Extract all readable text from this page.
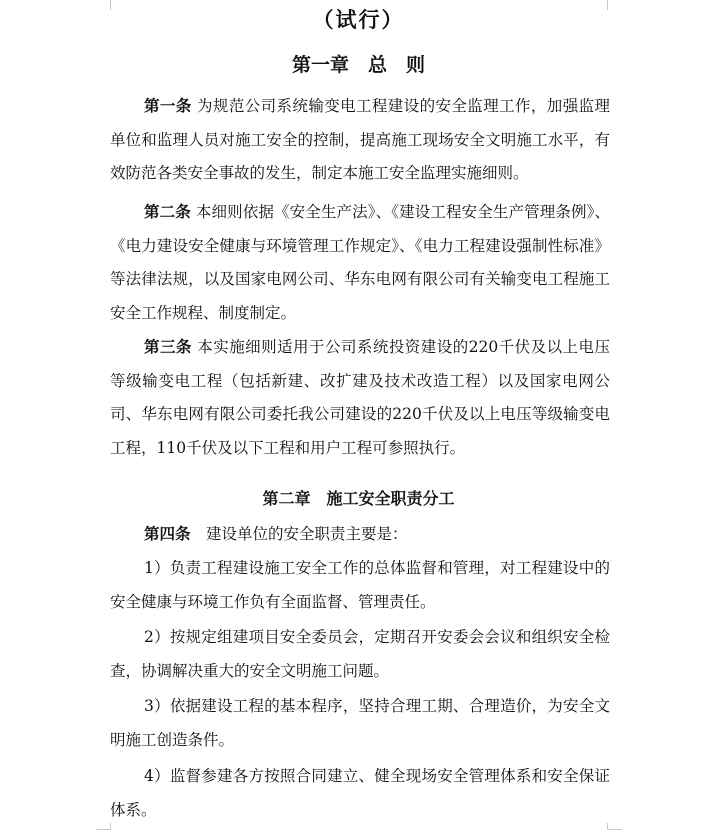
（试行）
第一章　总　则

第一条 为规范公司系统输变电工程建设的安全监理工作，加强监理单位和监理人员对施工安全的控制，提高施工现场安全文明施工水平，有效防范各类安全事故的发生，制定本施工安全监理实施细则。

第二条 本细则依据《安全生产法》、《建设工程安全生产管理条例》、《电力建设安全健康与环境管理工作规定》、《电力工程建设强制性标准》等法律法规，以及国家电网公司、华东电网有限公司有关输变电工程施工安全工作规程、制度制定。

第三条 本实施细则适用于公司系统投资建设的220千伏及以上电压等级输变电工程（包括新建、改扩建及技术改造工程）以及国家电网公司、华东电网有限公司委托我公司建设的220千伏及以上电压等级输变电工程，110千伏及以下工程和用户工程可参照执行。

第二章　施工安全职责分工

第四条　建设单位的安全职责主要是：

1）负责工程建设施工安全工作的总体监督和管理，对工程建设中的安全健康与环境工作负有全面监督、管理责任。

2）按规定组建项目安全委员会，定期召开安委会会议和组织安全检查，协调解决重大的安全文明施工问题。

3）依据建设工程的基本程序，坚持合理工期、合理造价，为安全文明施工创造条件。

4）监督参建各方按照合同建立、健全现场安全管理体系和安全保证体系。
